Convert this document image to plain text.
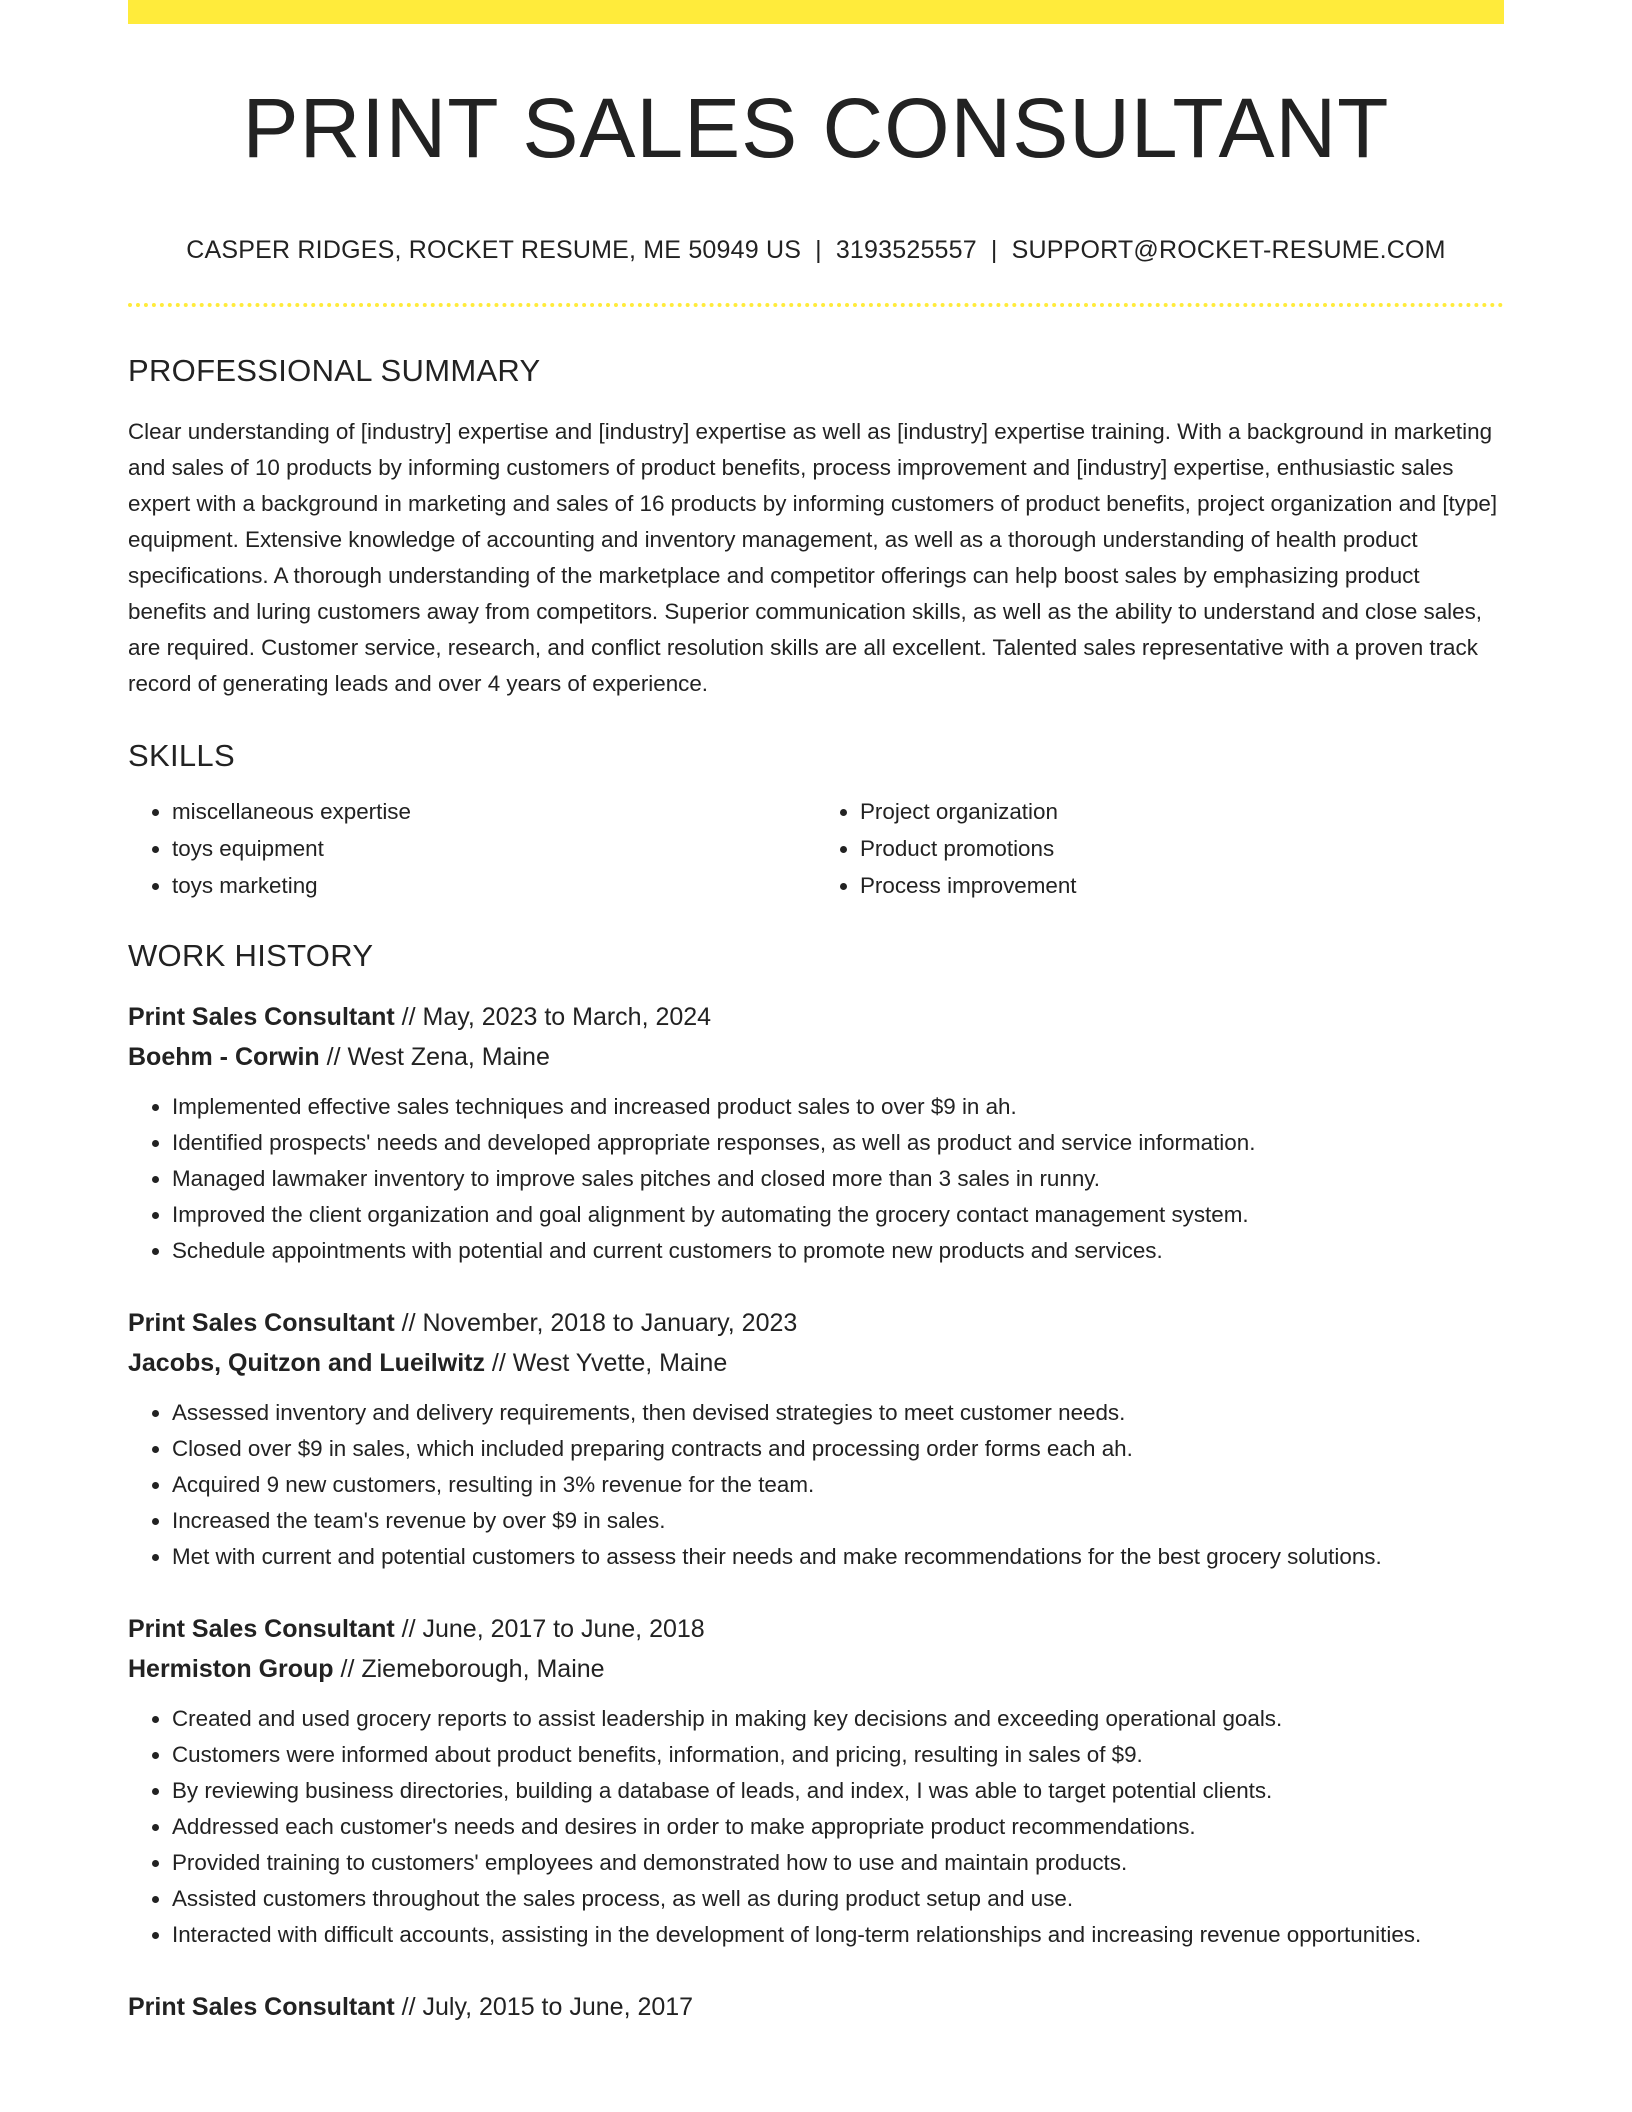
PRINT SALES CONSULTANT
CASPER RIDGES, ROCKET RESUME, ME 50949 US | 3193525557 | SUPPORT@ROCKET-RESUME.COM
PROFESSIONAL SUMMARY
Clear understanding of [industry] expertise and [industry] expertise as well as [industry] expertise training. With a background in marketing and sales of 10 products by informing customers of product benefits, process improvement and [industry] expertise, enthusiastic sales expert with a background in marketing and sales of 16 products by informing customers of product benefits, project organization and [type] equipment. Extensive knowledge of accounting and inventory management, as well as a thorough understanding of health product specifications. A thorough understanding of the marketplace and competitor offerings can help boost sales by emphasizing product benefits and luring customers away from competitors. Superior communication skills, as well as the ability to understand and close sales, are required. Customer service, research, and conflict resolution skills are all excellent. Talented sales representative with a proven track record of generating leads and over 4 years of experience.
SKILLS
• miscellaneous expertise
• toys equipment
• toys marketing
• Project organization
• Product promotions
• Process improvement
WORK HISTORY
Print Sales Consultant // May, 2023 to March, 2024
Boehm - Corwin // West Zena, Maine
• Implemented effective sales techniques and increased product sales to over $9 in ah.
• Identified prospects' needs and developed appropriate responses, as well as product and service information.
• Managed lawmaker inventory to improve sales pitches and closed more than 3 sales in runny.
• Improved the client organization and goal alignment by automating the grocery contact management system.
• Schedule appointments with potential and current customers to promote new products and services.
Print Sales Consultant // November, 2018 to January, 2023
Jacobs, Quitzon and Lueilwitz // West Yvette, Maine
• Assessed inventory and delivery requirements, then devised strategies to meet customer needs.
• Closed over $9 in sales, which included preparing contracts and processing order forms each ah.
• Acquired 9 new customers, resulting in 3% revenue for the team.
• Increased the team's revenue by over $9 in sales.
• Met with current and potential customers to assess their needs and make recommendations for the best grocery solutions.
Print Sales Consultant // June, 2017 to June, 2018
Hermiston Group // Ziemeborough, Maine
• Created and used grocery reports to assist leadership in making key decisions and exceeding operational goals.
• Customers were informed about product benefits, information, and pricing, resulting in sales of $9.
• By reviewing business directories, building a database of leads, and index, I was able to target potential clients.
• Addressed each customer's needs and desires in order to make appropriate product recommendations.
• Provided training to customers' employees and demonstrated how to use and maintain products.
• Assisted customers throughout the sales process, as well as during product setup and use.
• Interacted with difficult accounts, assisting in the development of long-term relationships and increasing revenue opportunities.
Print Sales Consultant // July, 2015 to June, 2017
